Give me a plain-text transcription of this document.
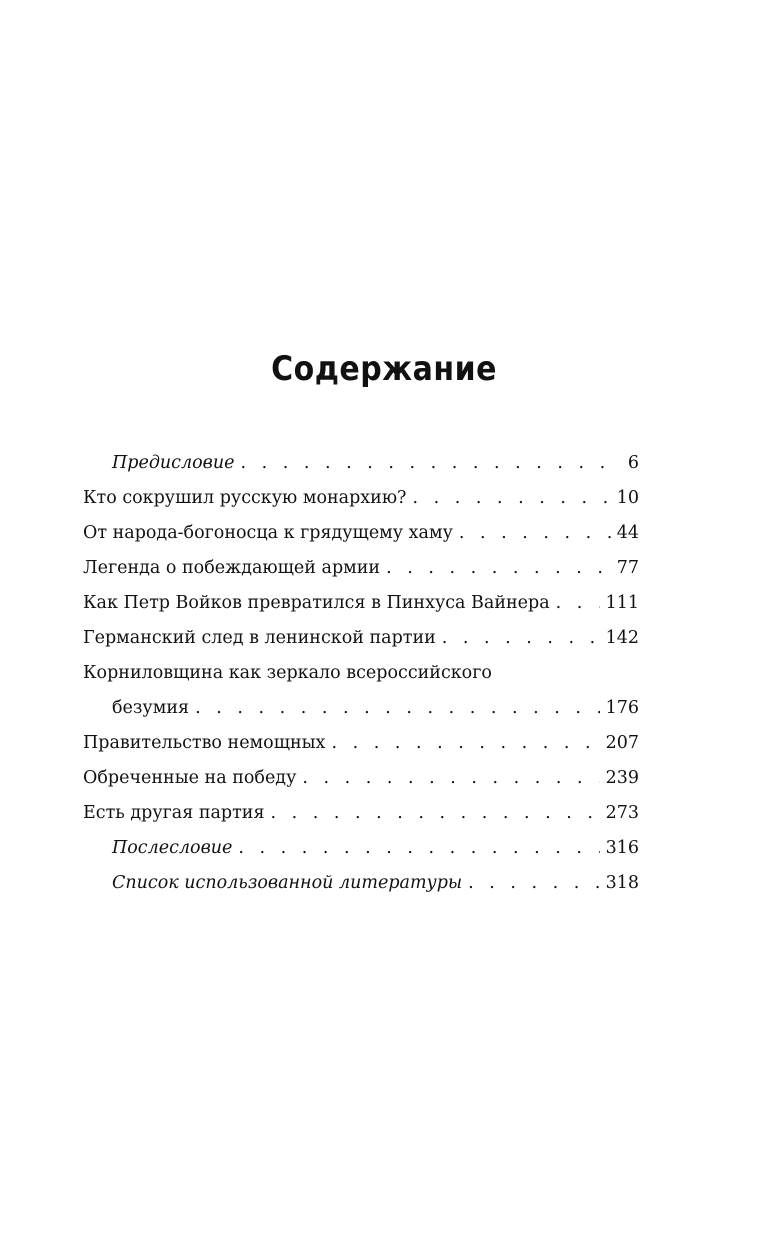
Содержание
Предисловие . . .	6
Кто сокрушил русскую монархию? . . .	10
От народа-богоносца к грядущему хаму . . .	44
Легенда о побеждающей армии . . .	77
Как Петр Войков превратился в Пинхуса Вайнера . . .	111
Германский след в ленинской партии . . .	142
Корниловщина как зеркало всероссийского
безумия . . .	176
Правительство немощных . . .	207
Обреченные на победу . . .	239
Есть другая партия . . .	273
Послесловие . . .	316
Список использованной литературы . . .	318
